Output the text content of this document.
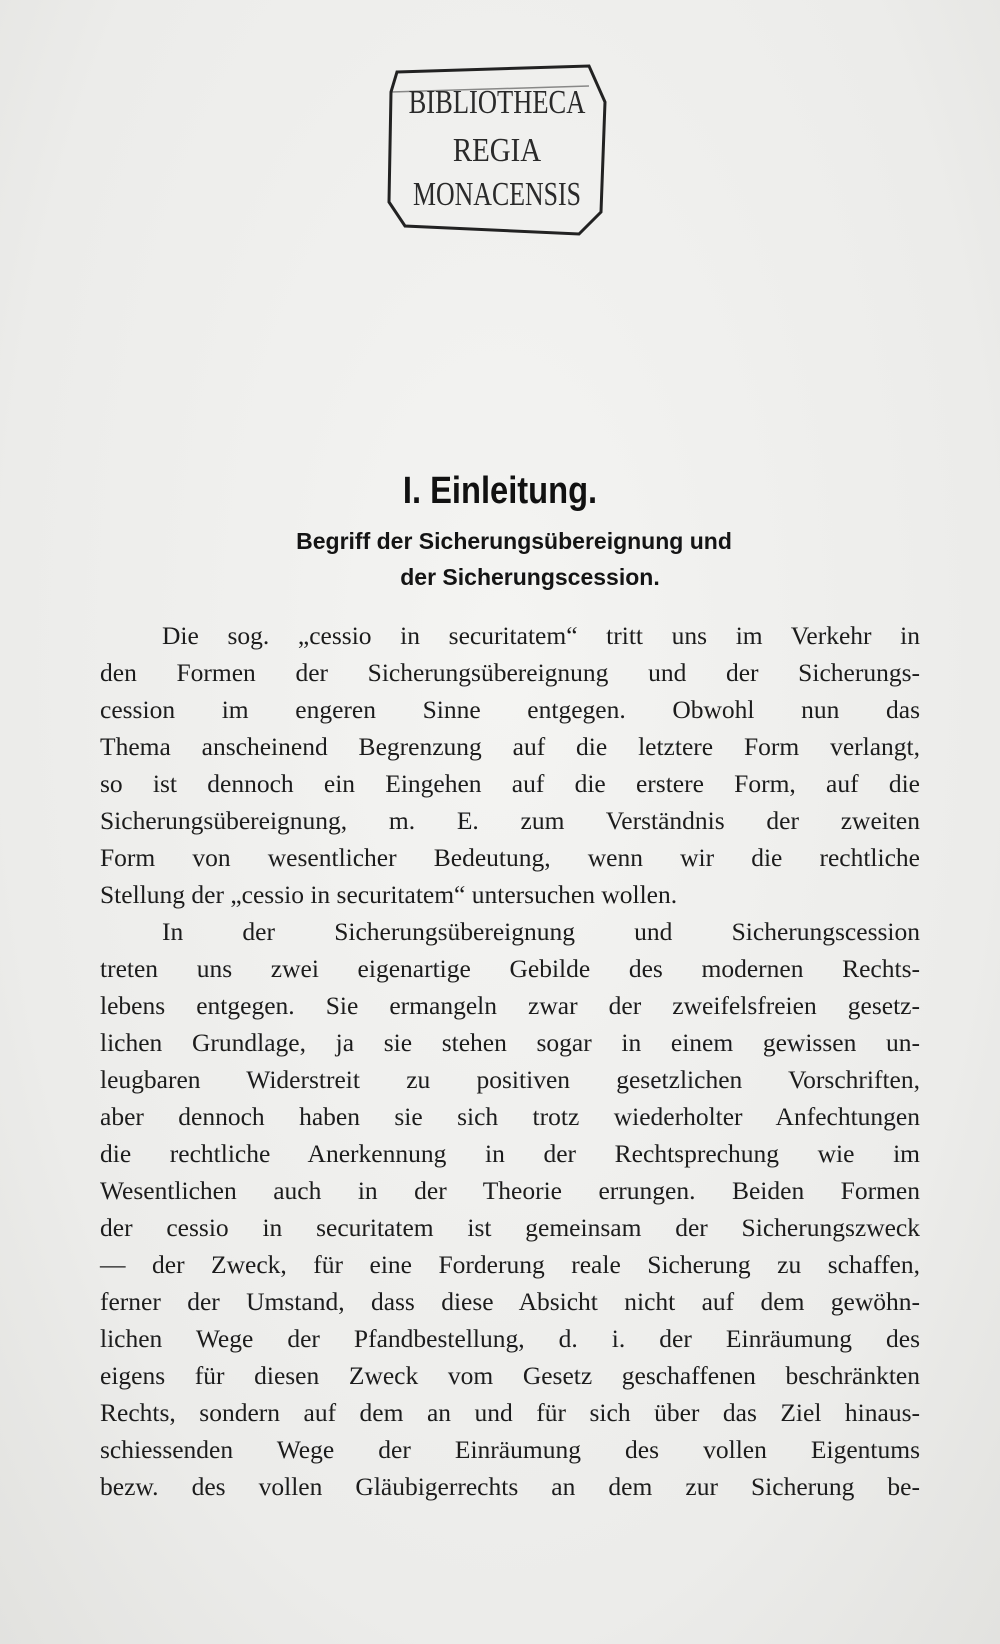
BIBLIOTHECA
REGIA
MONACENSIS
I. Einleitung.
Begriff der Sicherungsübereignung und
der Sicherungscession.
Die sog. „cessio in securitatem“ tritt uns im Verkehr in
den Formen der Sicherungsübereignung und der Sicherungs-
cession im engeren Sinne entgegen. Obwohl nun das
Thema anscheinend Begrenzung auf die letztere Form verlangt,
so ist dennoch ein Eingehen auf die erstere Form, auf die
Sicherungsübereignung, m. E. zum Verständnis der zweiten
Form von wesentlicher Bedeutung, wenn wir die rechtliche
Stellung der „cessio in securitatem“ untersuchen wollen.
In der Sicherungsübereignung und Sicherungscession
treten uns zwei eigenartige Gebilde des modernen Rechts-
lebens entgegen. Sie ermangeln zwar der zweifelsfreien gesetz-
lichen Grundlage, ja sie stehen sogar in einem gewissen un-
leugbaren Widerstreit zu positiven gesetzlichen Vorschriften,
aber dennoch haben sie sich trotz wiederholter Anfechtungen
die rechtliche Anerkennung in der Rechtsprechung wie im
Wesentlichen auch in der Theorie errungen. Beiden Formen
der cessio in securitatem ist gemeinsam der Sicherungszweck
— der Zweck, für eine Forderung reale Sicherung zu schaffen,
ferner der Umstand, dass diese Absicht nicht auf dem gewöhn-
lichen Wege der Pfandbestellung, d. i. der Einräumung des
eigens für diesen Zweck vom Gesetz geschaffenen beschränkten
Rechts, sondern auf dem an und für sich über das Ziel hinaus-
schiessenden Wege der Einräumung des vollen Eigentums
bezw. des vollen Gläubigerrechts an dem zur Sicherung be-
